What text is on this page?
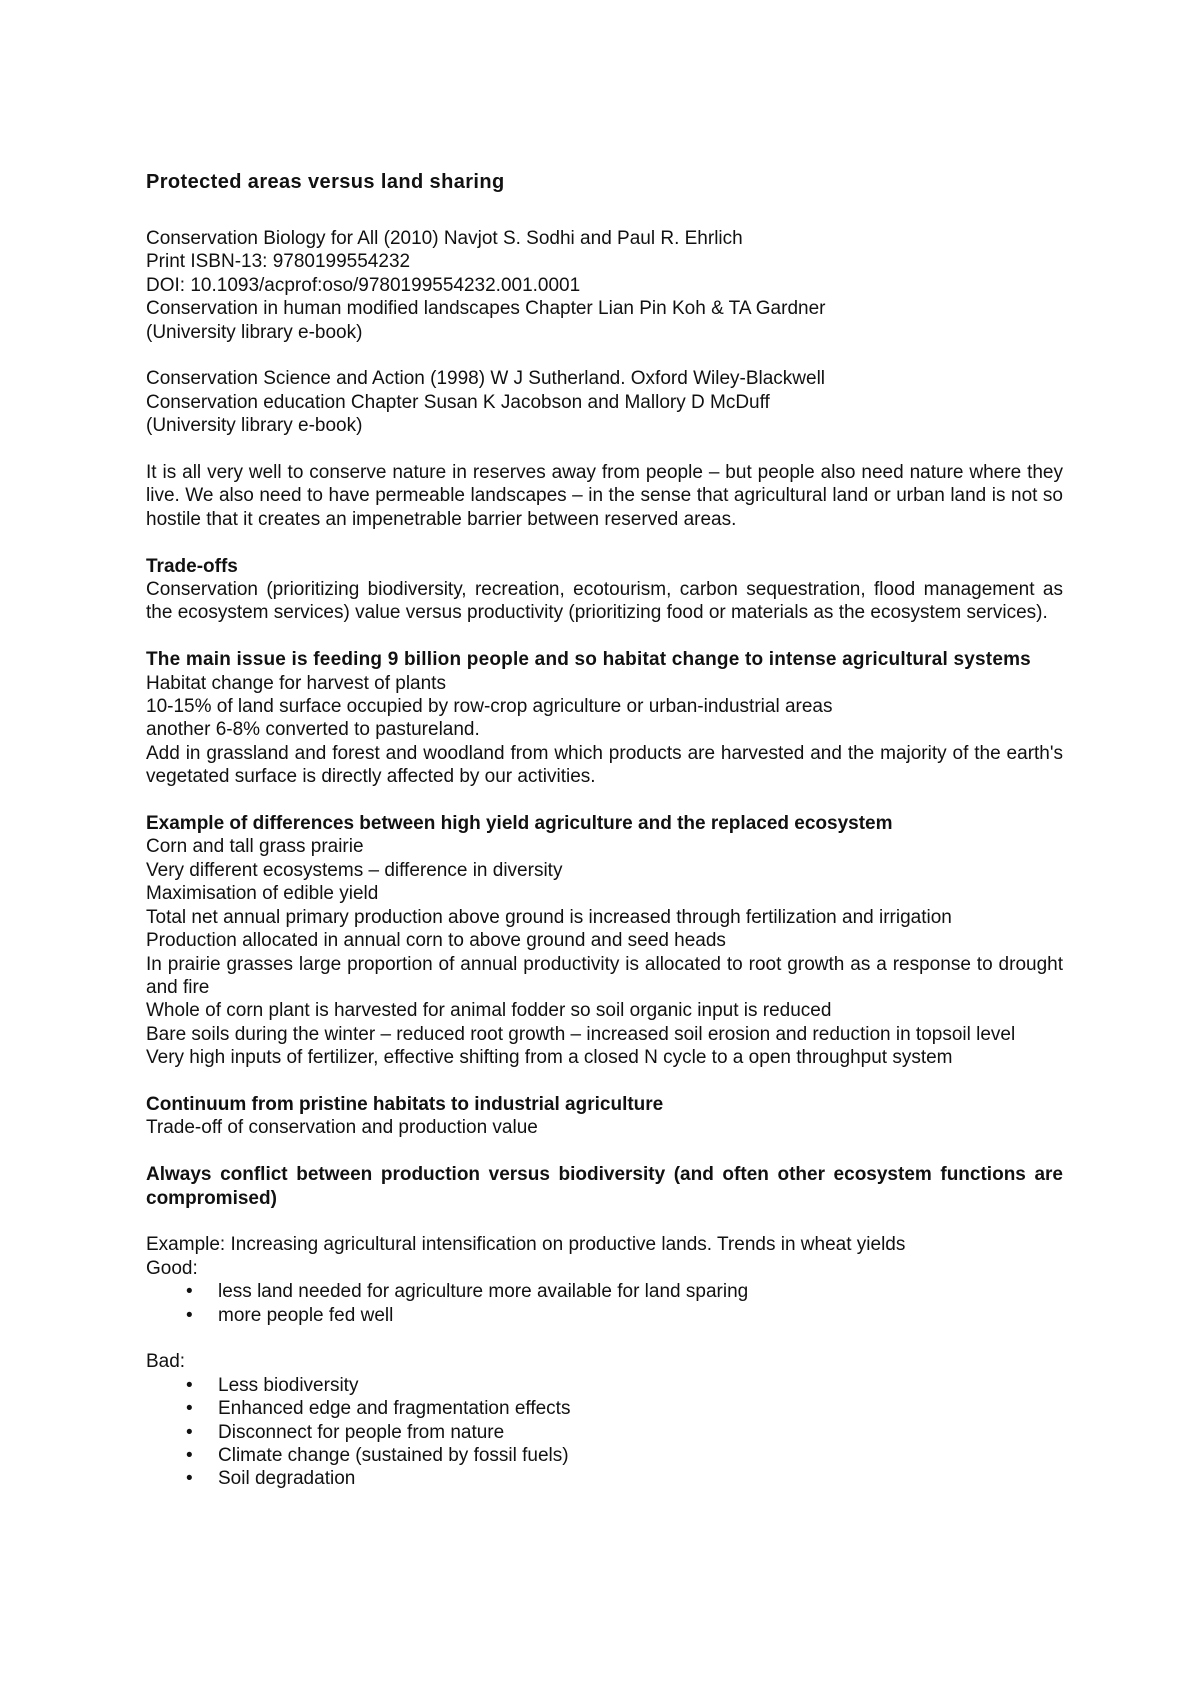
Protected areas versus land sharing
Conservation Biology for All (2010) Navjot S. Sodhi and Paul R. Ehrlich
Print ISBN-13: 9780199554232
DOI: 10.1093/acprof:oso/9780199554232.001.0001
Conservation in human modified landscapes Chapter Lian Pin Koh & TA Gardner
(University library e-book)
Conservation Science and Action (1998) W J Sutherland. Oxford Wiley-Blackwell
Conservation education Chapter Susan K Jacobson and Mallory D McDuff
(University library e-book)

It is all very well to conserve nature in reserves away from people – but people also need nature where they live. We also need to have permeable landscapes – in the sense that agricultural land or urban land is not so hostile that it creates an impenetrable barrier between reserved areas.

Trade-offs

Conservation (prioritizing biodiversity, recreation, ecotourism, carbon sequestration, flood management as the ecosystem services) value versus productivity (prioritizing food or materials as the ecosystem services).

The main issue is feeding 9 billion people and so habitat change to intense agricultural systems

Habitat change for harvest of plants
10-15% of land surface occupied by row-crop agriculture or urban-industrial areas
another 6-8% converted to pastureland.

Add in grassland and forest and woodland from which products are harvested and the majority of the earth's vegetated surface is directly affected by our activities.

Example of differences between high yield agriculture and the replaced ecosystem
Corn and tall grass prairie
Very different ecosystems – difference in diversity
Maximisation of edible yield
Total net annual primary production above ground is increased through fertilization and irrigation
Production allocated in annual corn to above ground and seed heads

In prairie grasses large proportion of annual productivity is allocated to root growth as a response to drought and fire

Whole of corn plant is harvested for animal fodder so soil organic input is reduced

Bare soils during the winter – reduced root growth – increased soil erosion and reduction in topsoil level

Very high inputs of fertilizer, effective shifting from a closed N cycle to a open throughput system

Continuum from pristine habitats to industrial agriculture
Trade-off of conservation and production value

Always conflict between production versus biodiversity (and often other ecosystem functions are compromised)

Example: Increasing agricultural intensification on productive lands. Trends in wheat yields
Good:
• less land needed for agriculture more available for land sparing
• more people fed well
Bad:
• Less biodiversity
• Enhanced edge and fragmentation effects
• Disconnect for people from nature
• Climate change (sustained by fossil fuels)
• Soil degradation
